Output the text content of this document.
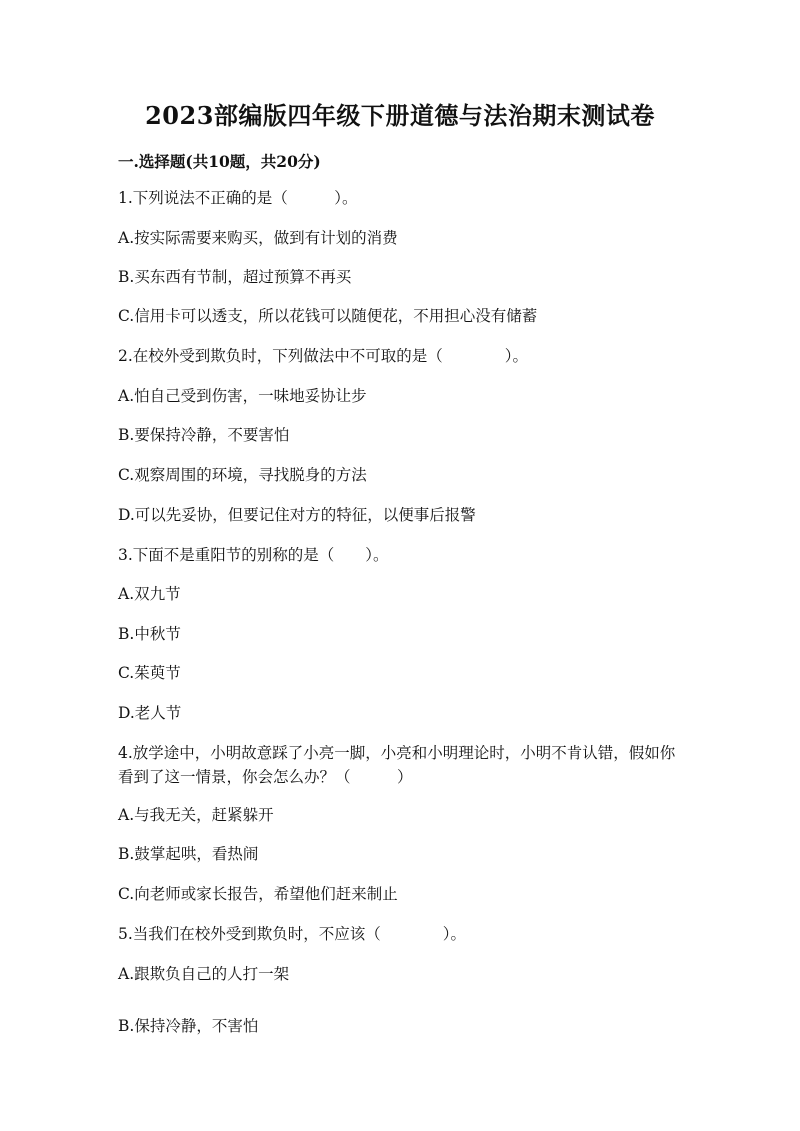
2023部编版四年级下册道德与法治期末测试卷
一.选择题(共10题，共20分)
1.下列说法不正确的是（　　　）。
A.按实际需要来购买，做到有计划的消费
B.买东西有节制，超过预算不再买
C.信用卡可以透支，所以花钱可以随便花，不用担心没有储蓄
2.在校外受到欺负时，下列做法中不可取的是（　　　　）。
A.怕自己受到伤害，一味地妥协让步
B.要保持冷静，不要害怕
C.观察周围的环境，寻找脱身的方法
D.可以先妥协，但要记住对方的特征，以便事后报警
3.下面不是重阳节的别称的是（　　）。
A.双九节
B.中秋节
C.茱萸节
D.老人节
4.放学途中，小明故意踩了小亮一脚，小亮和小明理论时，小明不肯认错，假如你看到了这一情景，你会怎么办？（　　　）
A.与我无关，赶紧躲开
B.鼓掌起哄，看热闹
C.向老师或家长报告，希望他们赶来制止
5.当我们在校外受到欺负时，不应该（　　　　）。
A.跟欺负自己的人打一架
B.保持冷静，不害怕
